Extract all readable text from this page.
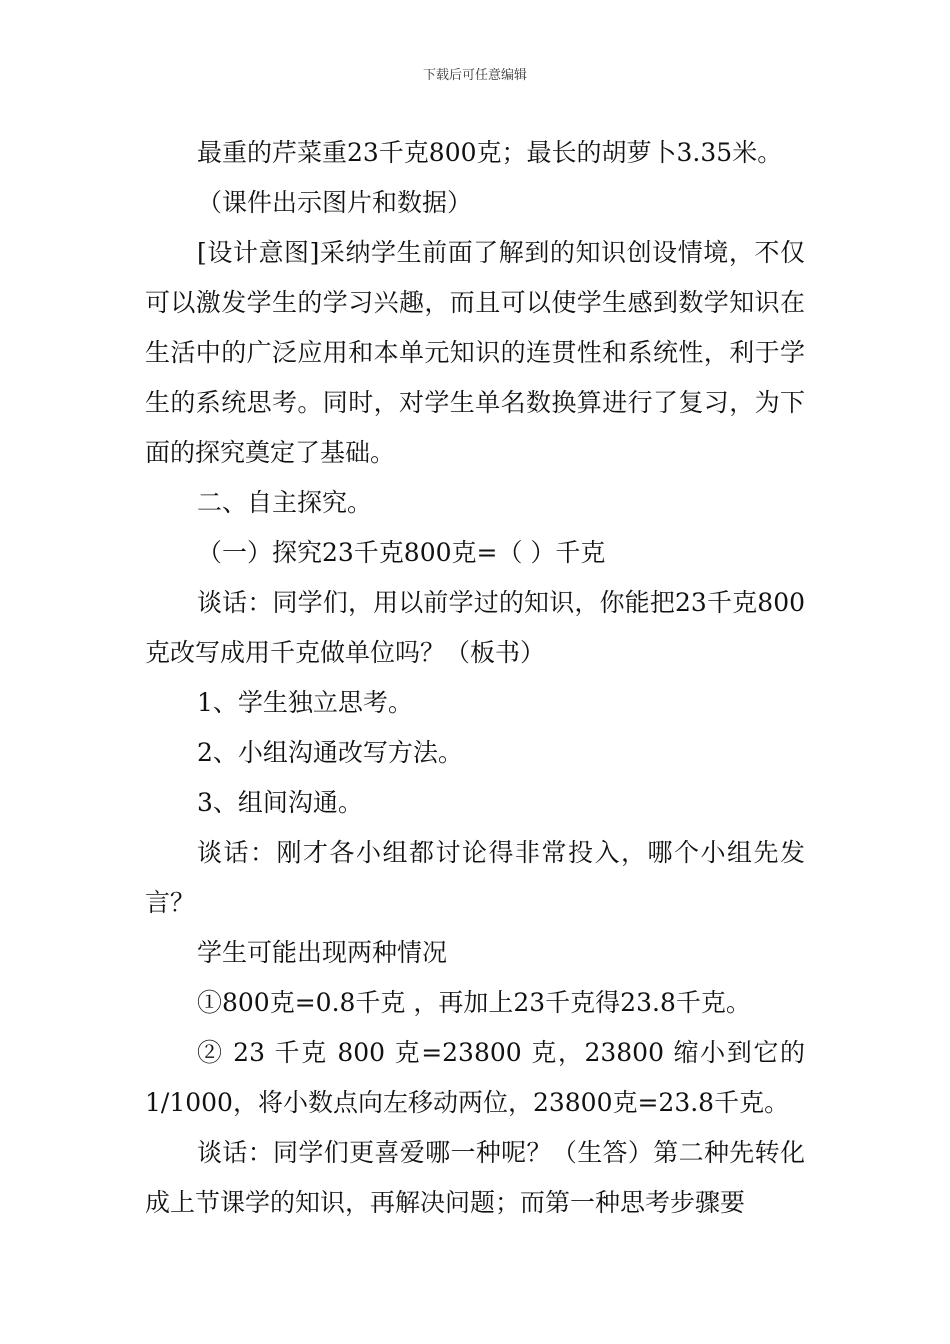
下载后可任意编辑

最重的芹菜重23千克800克；最长的胡萝卜3.35米。

（课件出示图片和数据）

[设计意图]采纳学生前面了解到的知识创设情境，不仅可以激发学生的学习兴趣，而且可以使学生感到数学知识在生活中的广泛应用和本单元知识的连贯性和系统性，利于学生的系统思考。同时，对学生单名数换算进行了复习，为下面的探究奠定了基础。

二、自主探究。

（一）探究23千克800克=（ ）千克

谈话：同学们，用以前学过的知识，你能把23千克800克改写成用千克做单位吗？（板书）

1、学生独立思考。

2、小组沟通改写方法。

3、组间沟通。

谈话：刚才各小组都讨论得非常投入，哪个小组先发言？

学生可能出现两种情况

①800克=0.8千克 ，再加上23千克得23.8千克。

② 23 千克 800 克=23800 克，23800 缩小到它的1/1000，将小数点向左移动两位，23800克=23.8千克。

谈话：同学们更喜爱哪一种呢？（生答）第二种先转化成上节课学的知识，再解决问题；而第一种思考步骤要
